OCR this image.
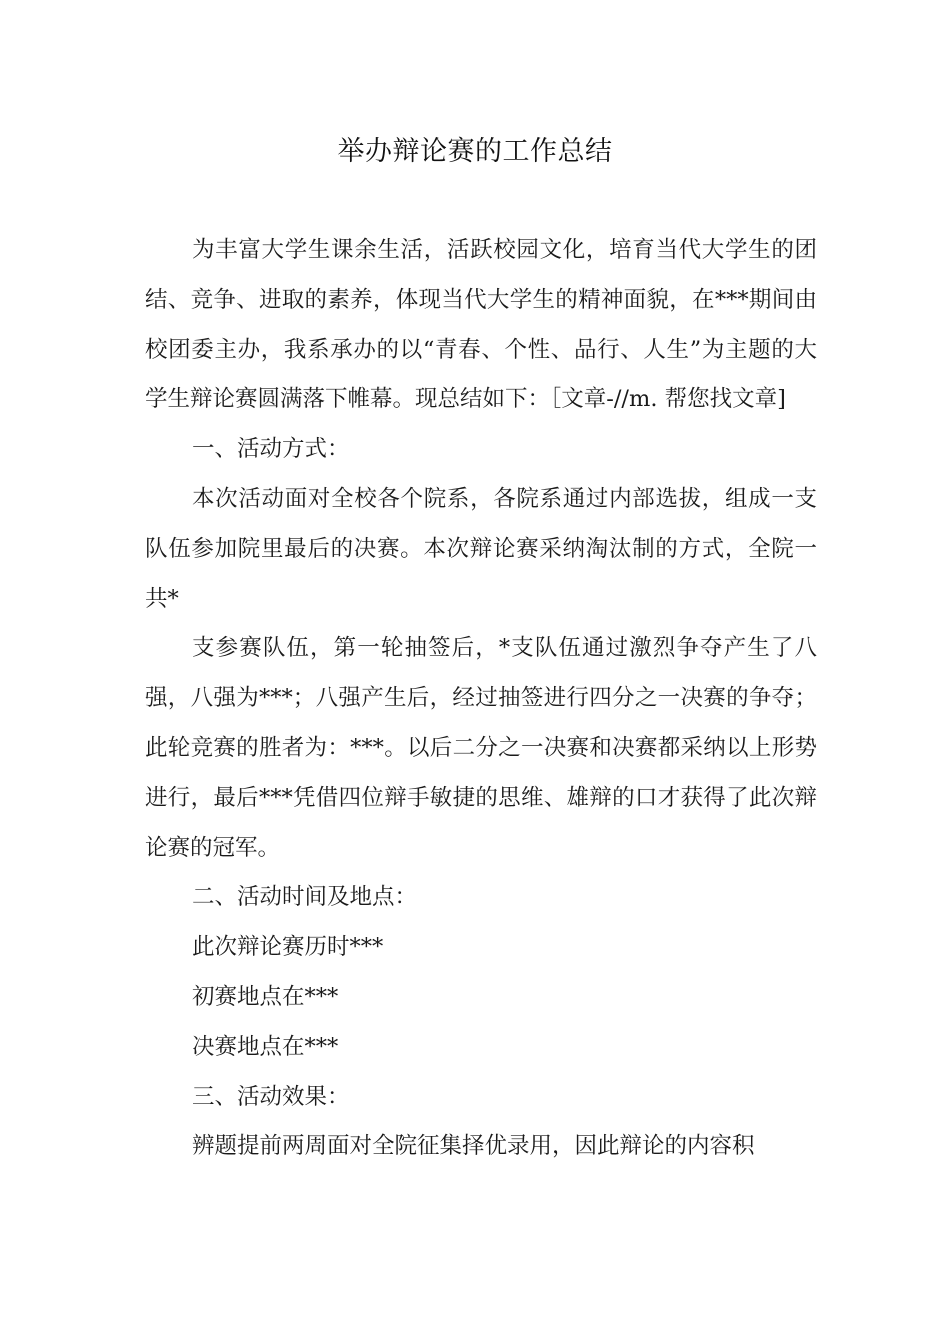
举办辩论赛的工作总结

为丰富大学生课余生活，活跃校园文化，培育当代大学生的团结、竞争、进取的素养，体现当代大学生的精神面貌，在***期间由校团委主办，我系承办的以“青春、个性、品行、人生”为主题的大学生辩论赛圆满落下帷幕。现总结如下：［文章-//m. 帮您找文章]

一、活动方式：

本次活动面对全校各个院系，各院系通过内部选拔，组成一支队伍参加院里最后的决赛。本次辩论赛采纳淘汰制的方式，全院一共*

支参赛队伍，第一轮抽签后，*支队伍通过激烈争夺产生了八强，八强为***；八强产生后，经过抽签进行四分之一决赛的争夺；此轮竞赛的胜者为：***。以后二分之一决赛和决赛都采纳以上形势进行，最后***凭借四位辩手敏捷的思维、雄辩的口才获得了此次辩论赛的冠军。

二、活动时间及地点：

此次辩论赛历时***

初赛地点在***

决赛地点在***

三、活动效果：

辨题提前两周面对全院征集择优录用，因此辩论的内容积
